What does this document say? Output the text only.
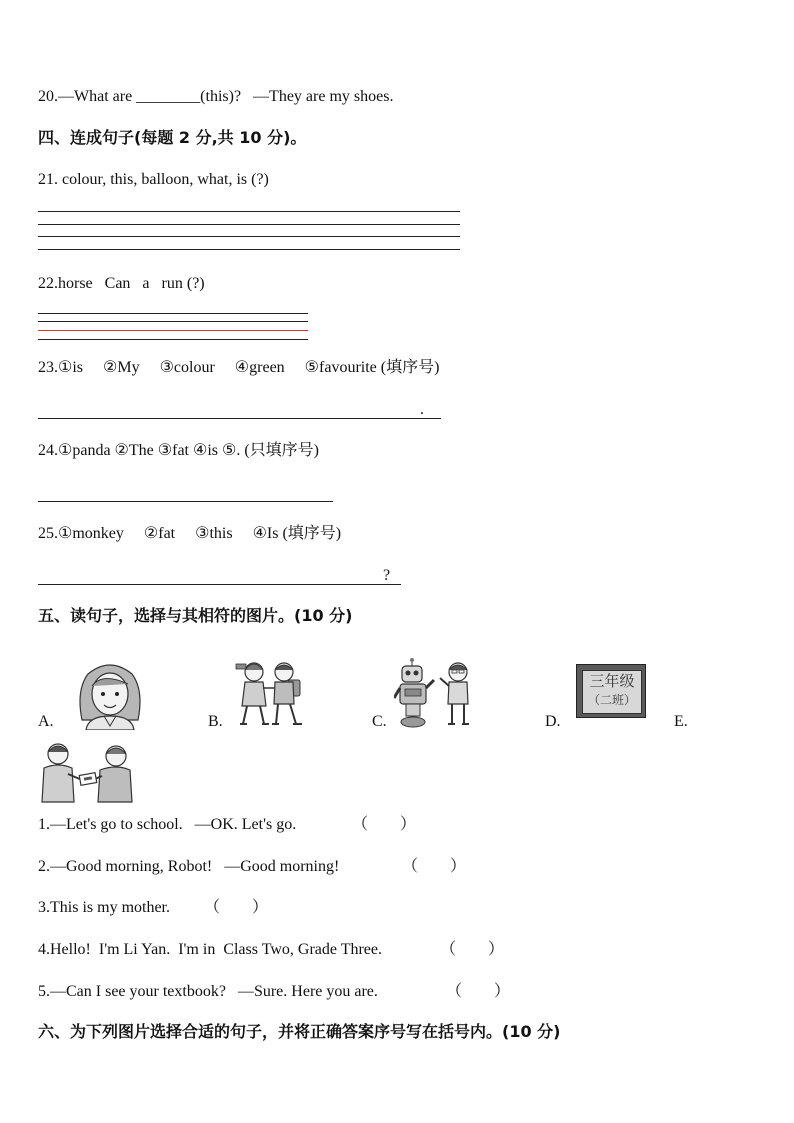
20.—What are ________(this)?   —They are my shoes.
四、连成句子(每题 2 分,共 10 分)。
21. colour, this, balloon, what, is (?)
22.horse   Can   a   run (?)
23.①is     ②My     ③colour     ④green     ⑤favourite (填序号)
.
24.①panda ②The ③fat ④is ⑤. (只填序号)
25.①monkey     ②fat     ③this     ④Is (填序号)
?
五、读句子，选择与其相符的图片。(10 分)
A.	B.	C.	D.
三年级
（二班）
E.
1.—Let's go to school.   —OK. Let's go.	（        ）
2.—Good morning, Robot!   —Good morning!	（        ）
3.This is my mother. （        ）
4.Hello!  I'm Li Yan.  I'm in  Class Two, Grade Three.	（        ）
5.—Can I see your textbook?   —Sure. Here you are.	（        ）
六、为下列图片选择合适的句子，并将正确答案序号写在括号内。(10 分)
